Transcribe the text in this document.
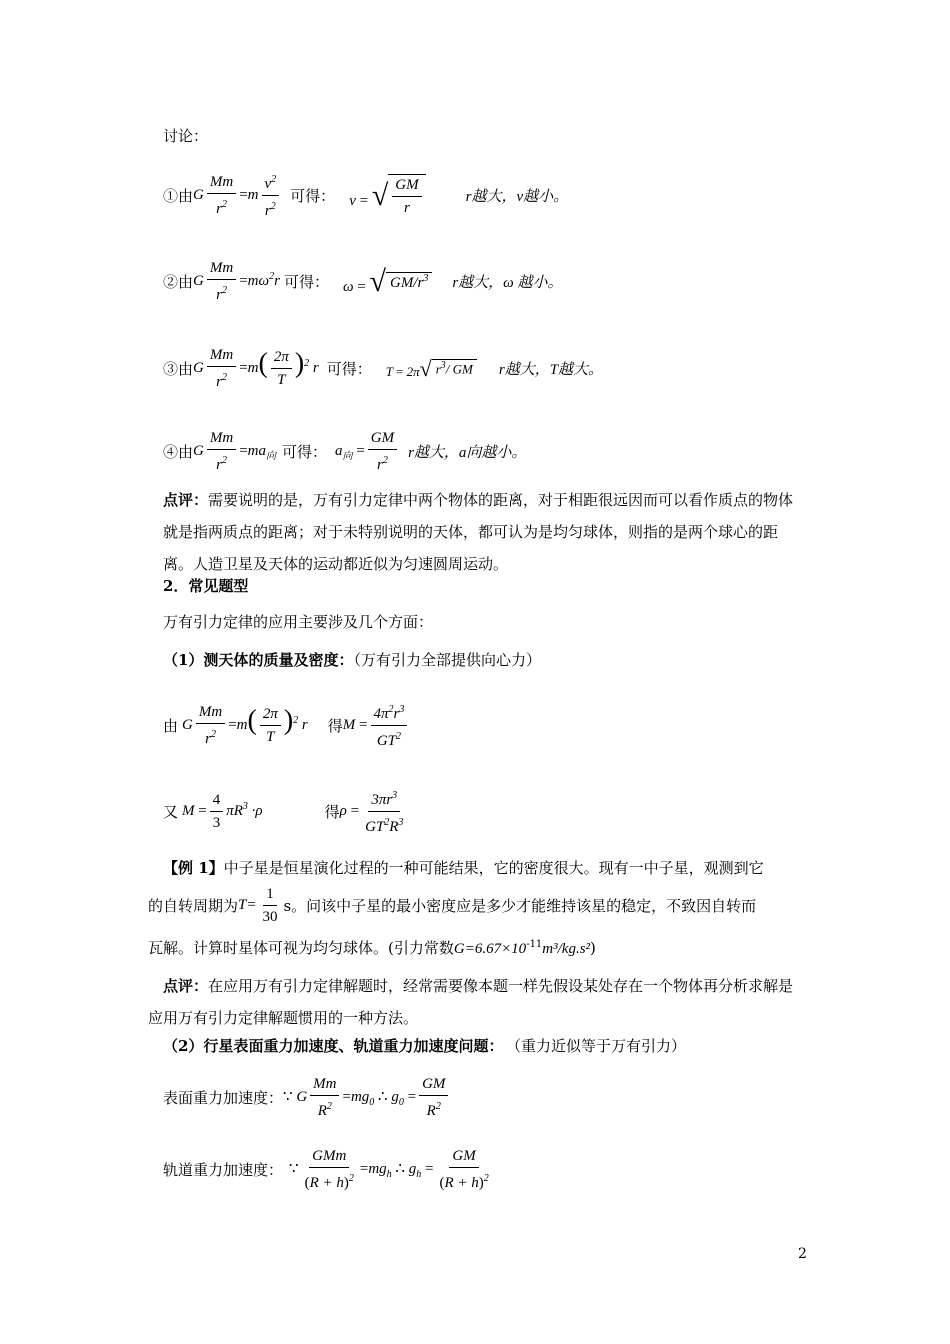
讨论：
①由 G $\frac{Mm}{r^2} =m \frac{v^2}{r^2}$ 可得： v = √ $\frac{GM}{r}$	r越大， v越小。
②由 G $\frac{Mm}{r^2} =m\omega^2r$ 可得： ω = √ $GM/r^3$ r越大， ω 越小。
③由 G $\frac{Mm}{r^2} =m( \frac{2\pi}{T} )^2$ r 可得： T = 2π √ $r^3/$ GM r越大， T越大。
④由 G $\frac{Mm}{r^2} =ma_向$ 可得： $a_向 = \frac{GM}{r^2}$ r越大， a向越小。
点评：需要说明的是，万有引力定律中两个物体的距离，对于相距很远因而可以看作质点的物体就是指两质点的距离；对于未特别说明的天体，都可认为是均匀球体，则指的是两个球心的距离。人造卫星及天体的运动都近似为匀速圆周运动。
2．常见题型
万有引力定律的应用主要涉及几个方面：
（1）测天体的质量及密度：（万有引力全部提供向心力）
由 G $\frac{Mm}{r^2} =m( \frac{2\pi}{T} )^2$ r 得 $M = \frac{4\pi^2r^3}{GT^2}$
又 $M = \frac{4}{3} \pi R^3 \cdot\rho$	得 $\rho = \frac{3\pi r^3}{GT^2R^3}$
【例 1】中子星是恒星演化过程的一种可能结果，它的密度很大。现有一中子星，观测到它
的自转周期为 $T= \frac{1}{30}$ s。问该中子星的最小密度应是多少才能维持该星的稳定，不致因自转而
瓦解。计算时星体可视为均匀球体。(引力常数$G=6.67\times 10^{-11}m^3/kg.s^2$)
点评：在应用万有引力定律解题时，经常需要像本题一样先假设某处存在一个物体再分析求解是应用万有引力定律解题惯用的一种方法。
（2）行星表面重力加速度、轨道重力加速度问题： （重力近似等于万有引力）
表面重力加速度： ∵ G $\frac{Mm}{R^2} =mg_0$ ∴ $g_0 = \frac{GM}{R^2}$
轨道重力加速度： ∵ $\frac{\text{GMm}}{(R + h)^2} =mg_h$ ∴ $g_h = \frac{GM}{(R + h)^2}$
2
